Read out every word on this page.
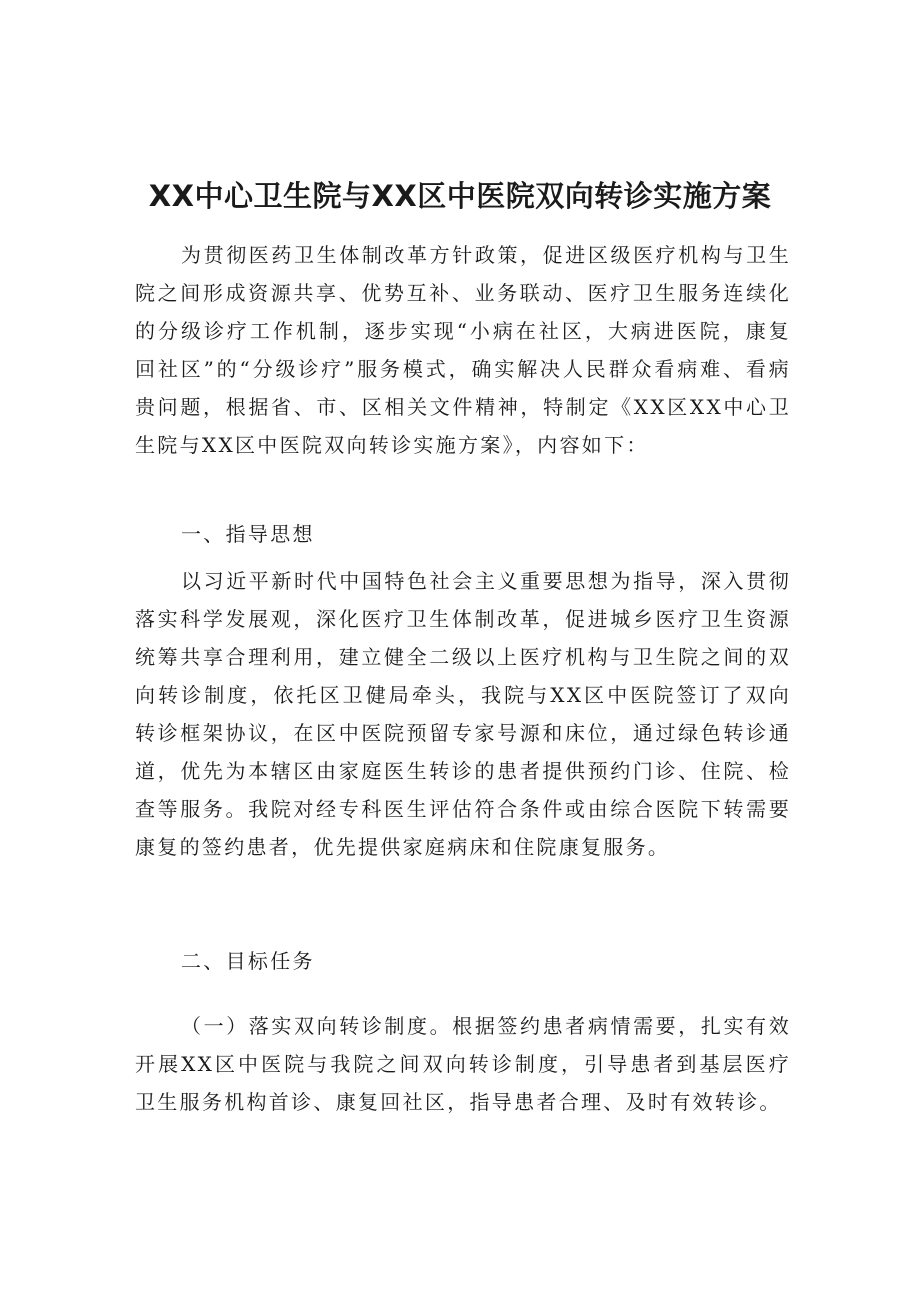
XX中心卫生院与XX区中医院双向转诊实施方案

为贯彻医药卫生体制改革方针政策，促进区级医疗机构与卫生院之间形成资源共享、优势互补、业务联动、医疗卫生服务连续化的分级诊疗工作机制，逐步实现“小病在社区，大病进医院，康复回社区”的“分级诊疗”服务模式，确实解决人民群众看病难、看病贵问题，根据省、市、区相关文件精神，特制定《XX区XX中心卫生院与XX区中医院双向转诊实施方案》，内容如下：

一、指导思想

以习近平新时代中国特色社会主义重要思想为指导，深入贯彻落实科学发展观，深化医疗卫生体制改革，促进城乡医疗卫生资源统筹共享合理利用，建立健全二级以上医疗机构与卫生院之间的双向转诊制度，依托区卫健局牵头，我院与XX区中医院签订了双向转诊框架协议，在区中医院预留专家号源和床位，通过绿色转诊通道，优先为本辖区由家庭医生转诊的患者提供预约门诊、住院、检查等服务。我院对经专科医生评估符合条件或由综合医院下转需要康复的签约患者，优先提供家庭病床和住院康复服务。

二、目标任务

（一）落实双向转诊制度。根据签约患者病情需要，扎实有效开展XX区中医院与我院之间双向转诊制度，引导患者到基层医疗卫生服务机构首诊、康复回社区，指导患者合理、及时有效转诊。
